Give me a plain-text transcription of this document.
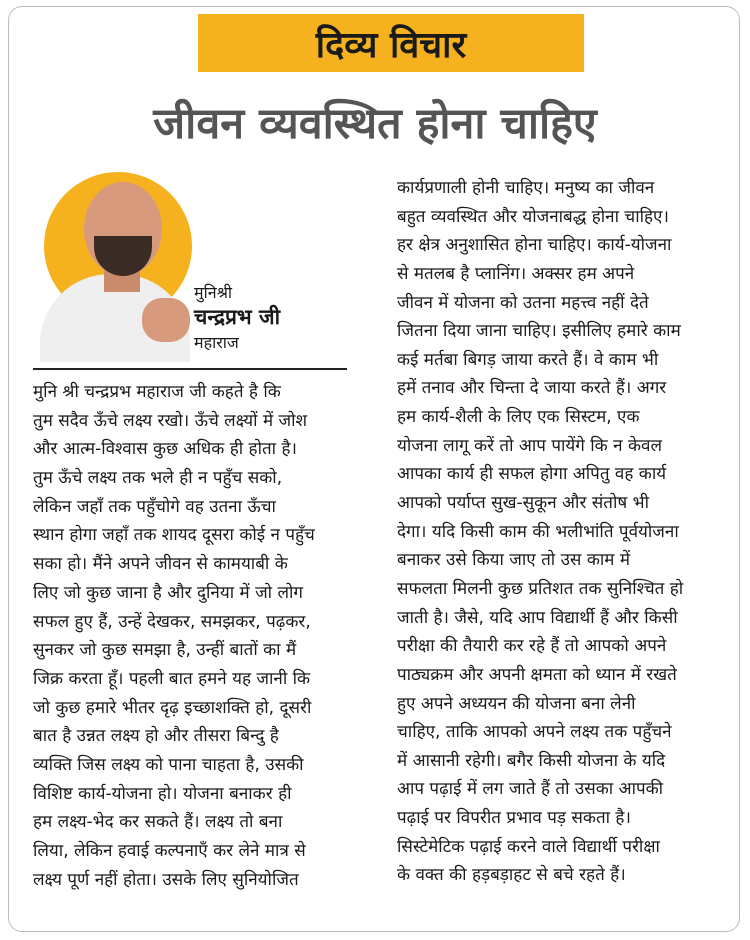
दिव्य विचार
जीवन व्यवस्थित होना चाहिए
मुनिश्री
चन्द्रप्रभ जी
महाराज
मुनि श्री चन्द्रप्रभ महाराज जी कहते है कि
तुम सदैव ऊँचे लक्ष्य रखो। ऊँचे लक्ष्यों में जोश
और आत्म-विश्वास कुछ अधिक ही होता है।
तुम ऊँचे लक्ष्य तक भले ही न पहुँच सको,
लेकिन जहाँ तक पहुँचोगे वह उतना ऊँचा
स्थान होगा जहाँ तक शायद दूसरा कोई न पहुँच
सका हो। मैंने अपने जीवन से कामयाबी के
लिए जो कुछ जाना है और दुनिया में जो लोग
सफल हुए हैं, उन्हें देखकर, समझकर, पढ़कर,
सुनकर जो कुछ समझा है, उन्हीं बातों का मैं
जिक्र करता हूँ। पहली बात हमने यह जानी कि
जो कुछ हमारे भीतर दृढ़ इच्छाशक्ति हो, दूसरी
बात है उन्नत लक्ष्य हो और तीसरा बिन्दु है
व्यक्ति जिस लक्ष्य को पाना चाहता है, उसकी
विशिष्ट कार्य-योजना हो। योजना बनाकर ही
हम लक्ष्य-भेद कर सकते हैं। लक्ष्य तो बना
लिया, लेकिन हवाई कल्पनाएँ कर लेने मात्र से
लक्ष्य पूर्ण नहीं होता। उसके लिए सुनियोजित
कार्यप्रणाली होनी चाहिए। मनुष्य का जीवन
बहुत व्यवस्थित और योजनाबद्ध होना चाहिए।
हर क्षेत्र अनुशासित होना चाहिए। कार्य-योजना
से मतलब है प्लानिंग। अक्सर हम अपने
जीवन में योजना को उतना महत्त्व नहीं देते
जितना दिया जाना चाहिए। इसीलिए हमारे काम
कई मर्तबा बिगड़ जाया करते हैं। वे काम भी
हमें तनाव और चिन्ता दे जाया करते हैं। अगर
हम कार्य-शैली के लिए एक सिस्टम, एक
योजना लागू करें तो आप पायेंगे कि न केवल
आपका कार्य ही सफल होगा अपितु वह कार्य
आपको पर्याप्त सुख-सुकून और संतोष भी
देगा। यदि किसी काम की भलीभांति पूर्वयोजना
बनाकर उसे किया जाए तो उस काम में
सफलता मिलनी कुछ प्रतिशत तक सुनिश्चित हो
जाती है। जैसे, यदि आप विद्यार्थी हैं और किसी
परीक्षा की तैयारी कर रहे हैं तो आपको अपने
पाठ्यक्रम और अपनी क्षमता को ध्यान में रखते
हुए अपने अध्ययन की योजना बना लेनी
चाहिए, ताकि आपको अपने लक्ष्य तक पहुँचने
में आसानी रहेगी। बगैर किसी योजना के यदि
आप पढ़ाई में लग जाते हैं तो उसका आपकी
पढ़ाई पर विपरीत प्रभाव पड़ सकता है।
सिस्टेमेटिक पढ़ाई करने वाले विद्यार्थी परीक्षा
के वक्त की हड़बड़ाहट से बचे रहते हैं।
